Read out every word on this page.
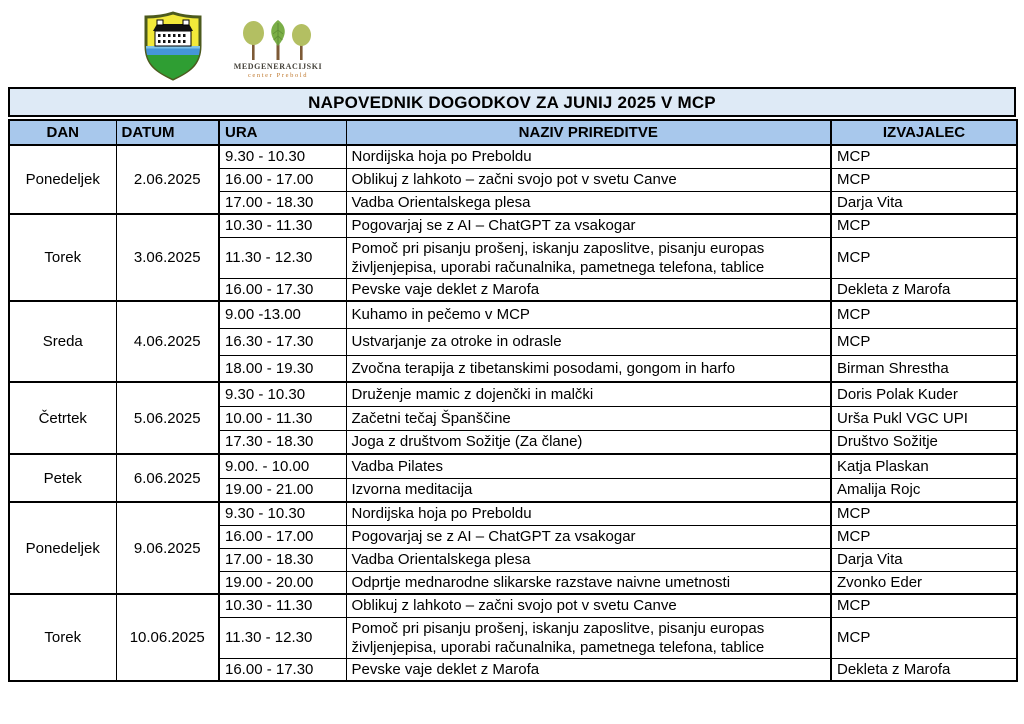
MEDGENERACIJSKI
center Prebold
NAPOVEDNIK DOGODKOV ZA JUNIJ 2025 V MCP
DAN	DATUM	URA	NAZIV PRIREDITVE	IZVAJALEC
Ponedeljek	2.06.2025	9.30 - 10.30	Nordijska hoja po Preboldu	MCP
		16.00 - 17.00	Oblikuj z lahkoto – začni svojo pot v svetu Canve	MCP
		17.00 - 18.30	Vadba Orientalskega plesa	Darja Vita
Torek	3.06.2025	10.30 - 11.30	Pogovarjaj se z AI – ChatGPT za vsakogar	MCP
		11.30 - 12.30	Pomoč pri pisanju prošenj, iskanju zaposlitve, pisanju europas življenjepisa, uporabi računalnika, pametnega telefona, tablice	MCP
		16.00 - 17.30	Pevske vaje deklet z Marofa	Dekleta z Marofa
Sreda	4.06.2025	9.00 -13.00	Kuhamo in pečemo v MCP	MCP
		16.30 - 17.30	Ustvarjanje za otroke in odrasle	MCP
		18.00 - 19.30	Zvočna terapija z tibetanskimi posodami, gongom in harfo	Birman Shrestha
Četrtek	5.06.2025	9.30 - 10.30	Druženje mamic z dojenčki in malčki	Doris Polak Kuder
		10.00 - 11.30	Začetni tečaj Španščine	Urša Pukl VGC UPI
		17.30 - 18.30	Joga z društvom Sožitje (Za člane)	Društvo Sožitje
Petek	6.06.2025	9.00. - 10.00	Vadba Pilates	Katja Plaskan
		19.00 - 21.00	Izvorna meditacija	Amalija Rojc
Ponedeljek	9.06.2025	9.30 - 10.30	Nordijska hoja po Preboldu	MCP
		16.00 - 17.00	Pogovarjaj se z AI – ChatGPT za vsakogar	MCP
		17.00 - 18.30	Vadba Orientalskega plesa	Darja Vita
		19.00 - 20.00	Odprtje mednarodne slikarske razstave naivne umetnosti	Zvonko Eder
Torek	10.06.2025	10.30 - 11.30	Oblikuj z lahkoto – začni svojo pot v svetu Canve	MCP
		11.30 - 12.30	Pomoč pri pisanju prošenj, iskanju zaposlitve, pisanju europas življenjepisa, uporabi računalnika, pametnega telefona, tablice	MCP
		16.00 - 17.30	Pevske vaje deklet z Marofa	Dekleta z Marofa
